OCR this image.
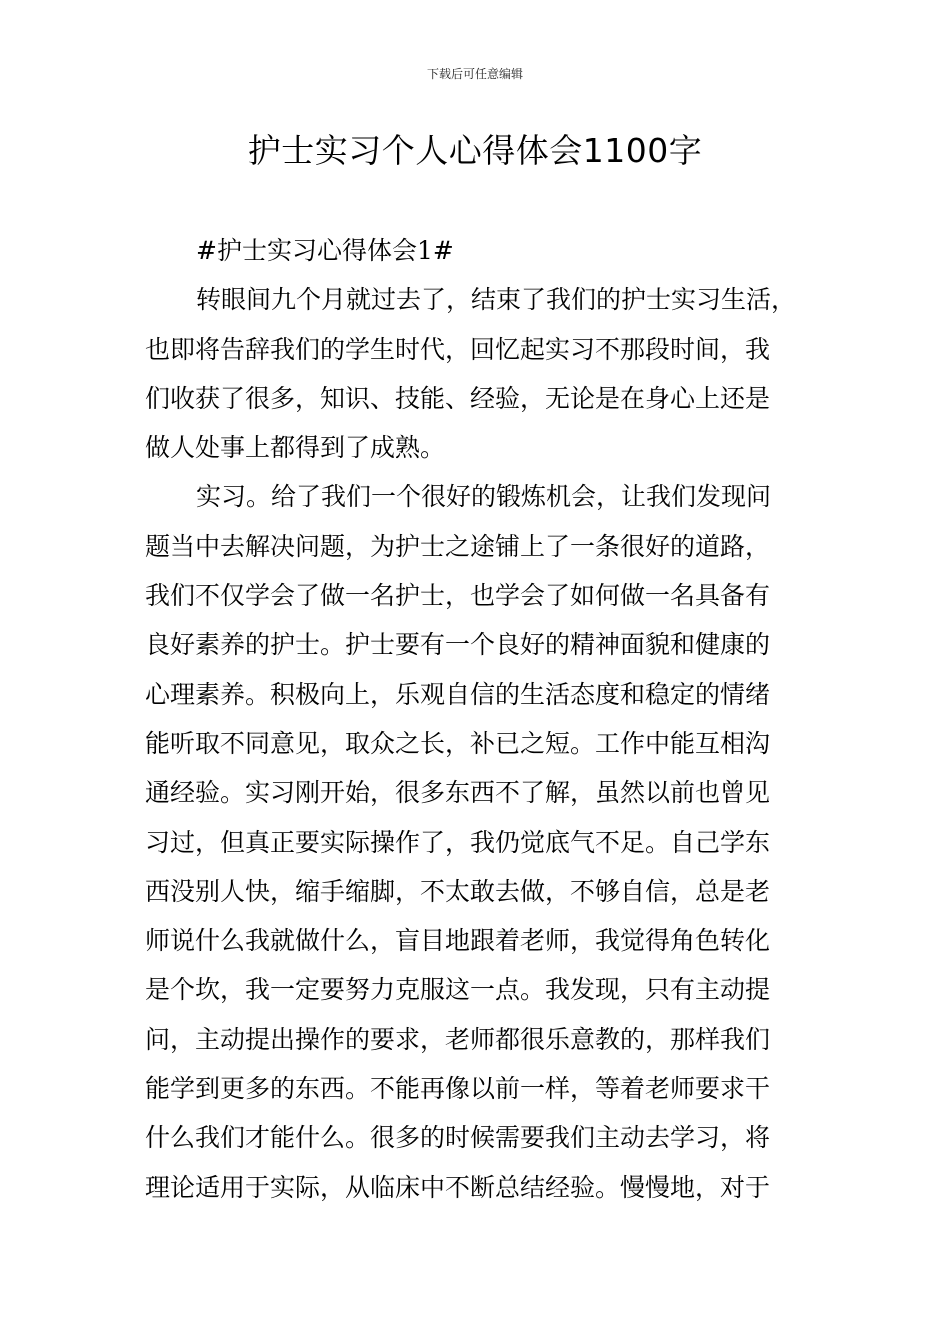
下载后可任意编辑
护士实习个人心得体会1100字
#护士实习心得体会1#
转眼间九个月就过去了，结束了我们的护士实习生活，
也即将告辞我们的学生时代，回忆起实习不那段时间，我
们收获了很多，知识、技能、经验，无论是在身心上还是
做人处事上都得到了成熟。
实习。给了我们一个很好的锻炼机会，让我们发现问
题当中去解决问题，为护士之途铺上了一条很好的道路，
我们不仅学会了做一名护士，也学会了如何做一名具备有
良好素养的护士。护士要有一个良好的精神面貌和健康的
心理素养。积极向上，乐观自信的生活态度和稳定的情绪
能听取不同意见，取众之长，补已之短。工作中能互相沟
通经验。实习刚开始，很多东西不了解，虽然以前也曾见
习过，但真正要实际操作了，我仍觉底气不足。自己学东
西没别人快，缩手缩脚，不太敢去做，不够自信，总是老
师说什么我就做什么，盲目地跟着老师，我觉得角色转化
是个坎，我一定要努力克服这一点。我发现，只有主动提
问，主动提出操作的要求，老师都很乐意教的，那样我们
能学到更多的东西。不能再像以前一样，等着老师要求干
什么我们才能什么。很多的时候需要我们主动去学习，将
理论适用于实际，从临床中不断总结经验。慢慢地，对于
